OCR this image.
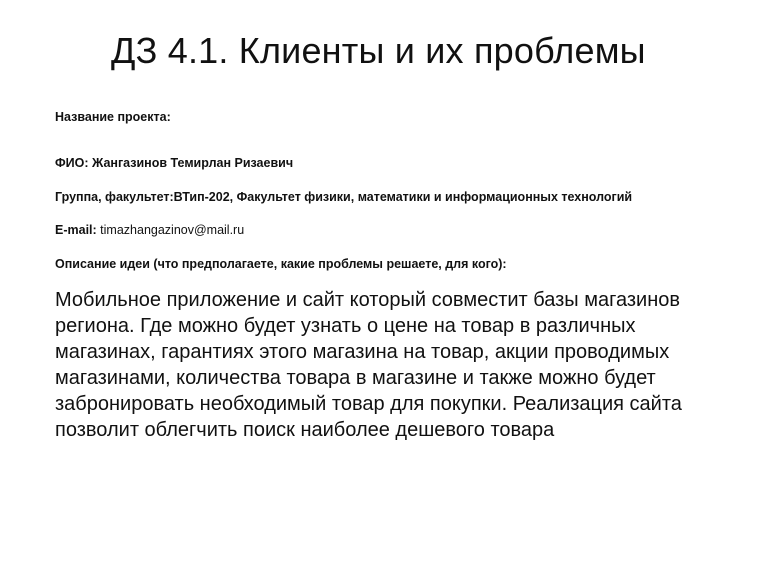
ДЗ 4.1. Клиенты и их проблемы
Название проекта:
ФИО: Жангазинов Темирлан Ризаевич
Группа, факультет:ВТип-202, Факультет физики, математики и информационных технологий
E-mail: timazhangazinov@mail.ru
Описание идеи (что предполагаете, какие проблемы решаете, для кого):
Мобильное приложение и сайт который совместит базы магазинов
региона. Где можно будет узнать о цене на товар в различных
магазинах, гарантиях этого магазина на товар, акции проводимых
магазинами, количества товара в магазине и также можно будет
забронировать необходимый товар для покупки. Реализация сайта
позволит облегчить поиск наиболее дешевого товара
